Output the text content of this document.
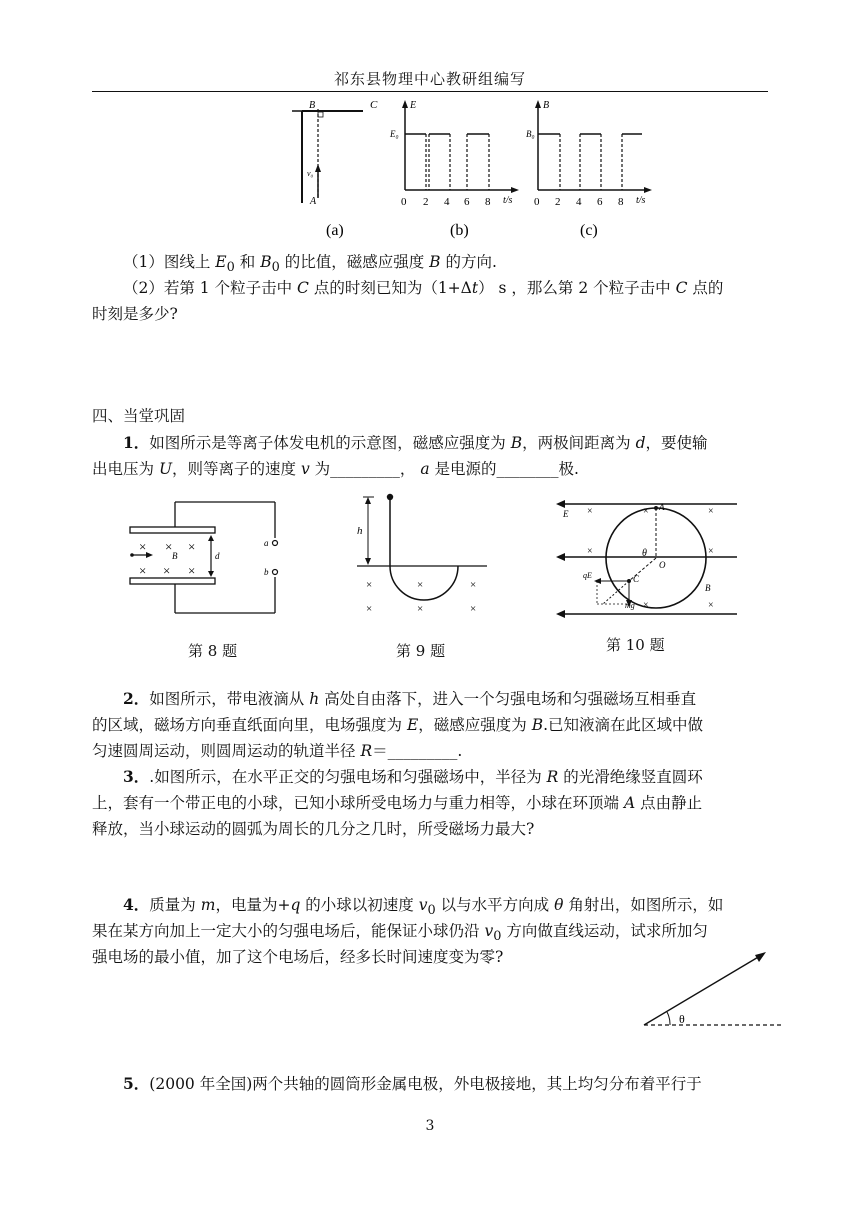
祁东县物理中心教研组编写
B	C
A
v₀
E
E₀
t/s
0 2 4 6 8
B
B₀
t/s
0 2 4 6 8
(a)	(b)	(c)
（1）图线上 $E_0$ 和 $B_0$ 的比值，磁感应强度 B 的方向.
（2）若第 1 个粒子击中 C 点的时刻已知为（1+Δt） s ，那么第 2 个粒子击中 C 点的
时刻是多少?
四、当堂巩固
1．如图所示是等离子体发电机的示意图，磁感应强度为 B，两极间距离为 d，要使输
出电压为 U，则等离子的速度 v 为_________， a 是电源的________极.
a
b
d
B
× × ×
× × ×
第 8 题
h
×	×	×
×	×	×
第 9 题
E
A
θ
O
B
qE	C
mg
×	×	×
×	×
×	×
第 10 题
2．如图所示，带电液滴从 h 高处自由落下，进入一个匀强电场和匀强磁场互相垂直
的区域，磁场方向垂直纸面向里，电场强度为 E，磁感应强度为 B.已知液滴在此区域中做
匀速圆周运动，则圆周运动的轨道半径 R＝_________.
3．.如图所示，在水平正交的匀强电场和匀强磁场中，半径为 R 的光滑绝缘竖直圆环
上，套有一个带正电的小球，已知小球所受电场力与重力相等，小球在环顶端 A 点由静止
释放，当小球运动的圆弧为周长的几分之几时，所受磁场力最大?
4．质量为 m，电量为+q 的小球以初速度 $v_0$ 以与水平方向成 θ 角射出，如图所示，如
果在某方向加上一定大小的匀强电场后，能保证小球仍沿 $v_0$ 方向做直线运动，试求所加匀
强电场的最小值，加了这个电场后，经多长时间速度变为零?
θ
5．(2000 年全国)两个共轴的圆筒形金属电极，外电极接地，其上均匀分布着平行于
3
